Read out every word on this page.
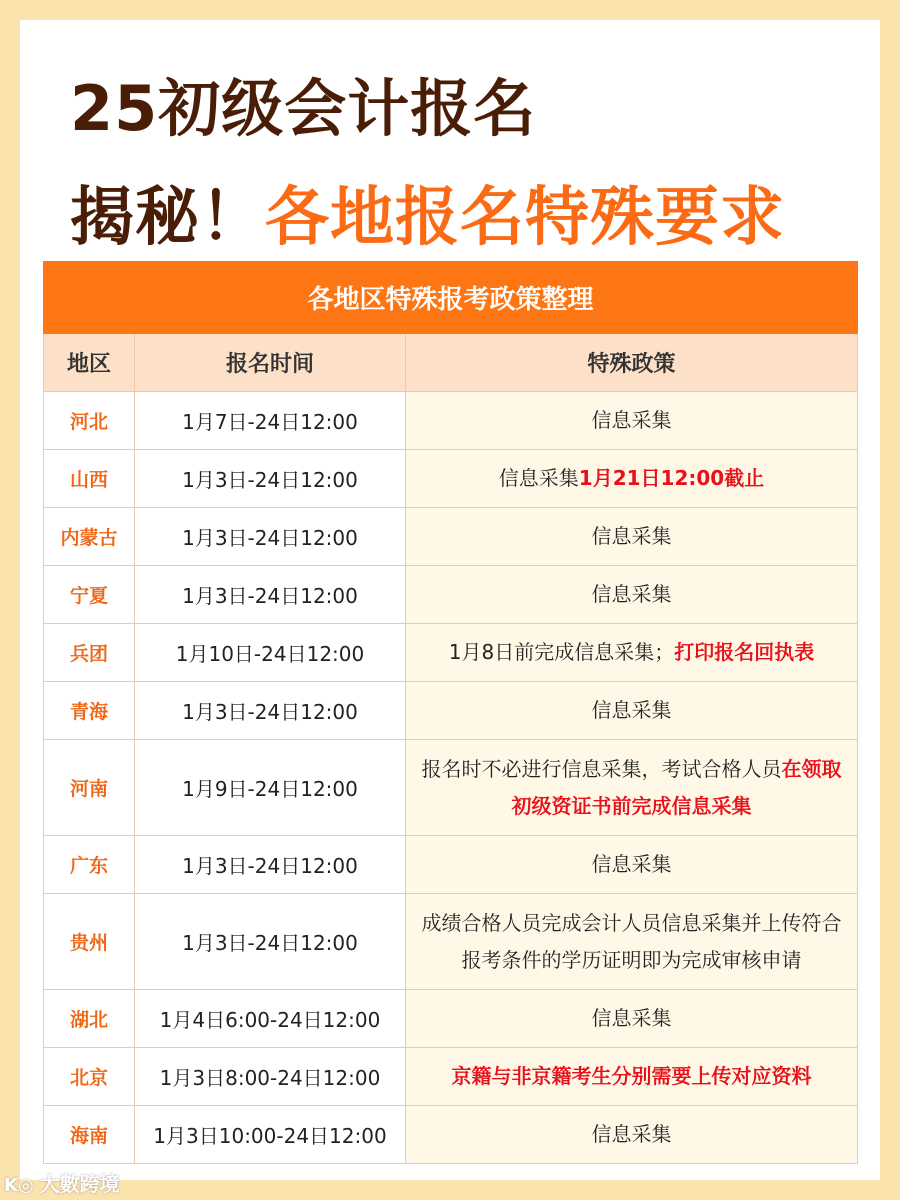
25初级会计报名
揭秘！各地报名特殊要求
各地区特殊报考政策整理		
地区	报名时间	特殊政策
河北	1月7日-24日12:00	信息采集
山西	1月3日-24日12:00	信息采集1月21日12:00截止
内蒙古	1月3日-24日12:00	信息采集
宁夏	1月3日-24日12:00	信息采集
兵团	1月10日-24日12:00	1月8日前完成信息采集；打印报名回执表
青海	1月3日-24日12:00	信息采集
河南	1月9日-24日12:00	报名时不必进行信息采集，考试合格人员在领取初级资证书前完成信息采集
广东	1月3日-24日12:00	信息采集
贵州	1月3日-24日12:00	成绩合格人员完成会计人员信息采集并上传符合报考条件的学历证明即为完成审核申请
湖北	1月4日6:00-24日12:00	信息采集
北京	1月3日8:00-24日12:00	京籍与非京籍考生分别需要上传对应资料
海南	1月3日10:00-24日12:00	信息采集
K◎ 大數跨境
